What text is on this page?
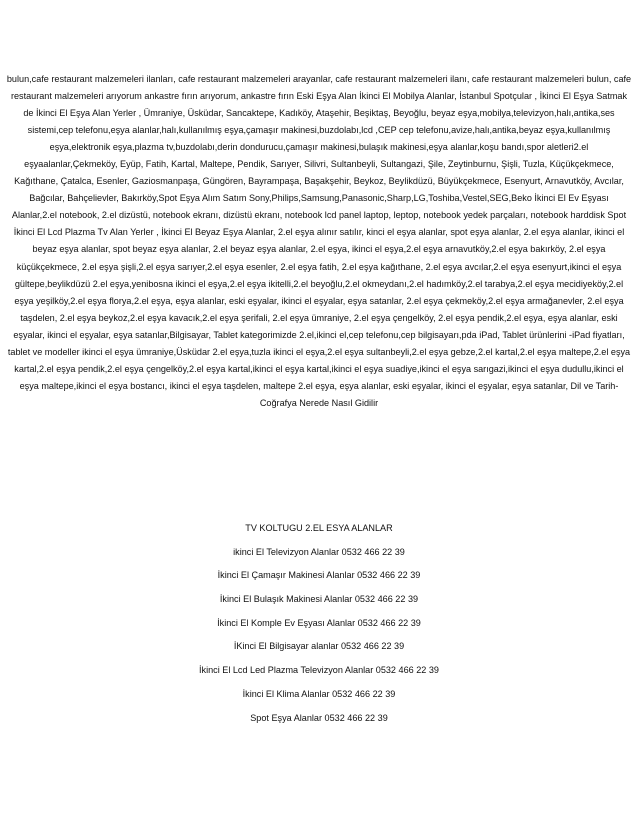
bulun,cafe restaurant malzemeleri ilanları, cafe restaurant malzemeleri arayanlar, cafe restaurant malzemeleri ilanı, cafe restaurant malzemeleri bulun, cafe restaurant malzemeleri arıyorum ankastre fırın arıyorum, ankastre fırın Eski Eşya Alan İkinci El Mobilya Alanlar, İstanbul Spotçular , İkinci El Eşya Satmak de İkinci El Eşya Alan Yerler , Ümraniye, Üsküdar, Sancaktepe, Kadıköy, Ataşehir, Beşiktaş, Beyoğlu, beyaz eşya,mobilya,televizyon,halı,antika,ses sistemi,cep telefonu,eşya alanlar,halı,kullanılmış eşya,çamaşır makinesi,buzdolabı,lcd ,CEP cep telefonu,avize,halı,antika,beyaz eşya,kullanılmış eşya,elektronik eşya,plazma tv,buzdolabı,derin dondurucu,çamaşır makinesi,bulaşık makinesi,eşya alanlar,koşu bandı,spor aletleri2.el eşyaalanlar,Çekmeköy, Eyüp, Fatih, Kartal, Maltepe, Pendik, Sarıyer, Silivri, Sultanbeyli, Sultangazi, Şile, Zeytinburnu, Şişli, Tuzla, Küçükçekmece, Kağıthane, Çatalca, Esenler, Gaziosmanpaşa, Güngören, Bayrampaşa, Başakşehir, Beykoz, Beylikdüzü, Büyükçekmece, Esenyurt, Arnavutköy, Avcılar, Bağcılar, Bahçelievler, Bakırköy,Spot Eşya Alım Satım Sony,Philips,Samsung,Panasonic,Sharp,LG,Toshiba,Vestel,SEG,Beko İkinci El Ev Eşyası Alanlar,2.el notebook, 2.el dizüstü, notebook ekranı, dizüstü ekranı, notebook lcd panel laptop, leptop, notebook yedek parçaları, notebook harddisk Spot İkinci El Lcd Plazma Tv Alan Yerler , İkinci El Beyaz Eşya Alanlar, 2.el eşya alınır satılır, kinci el eşya alanlar, spot eşya alanlar, 2.el eşya alanlar, ikinci el beyaz eşya alanlar, spot beyaz eşya alanlar, 2.el beyaz eşya alanlar, 2.el eşya, ikinci el eşya,2.el eşya arnavutköy,2.el eşya bakırköy, 2.el eşya küçükçekmece, 2.el eşya şişli,2.el eşya sarıyer,2.el eşya esenler, 2.el eşya fatih, 2.el eşya kağıthane, 2.el eşya avcılar,2.el eşya esenyurt,ikinci el eşya gültepe,beylikdüzü 2.el eşya,yenibosna ikinci el eşya,2.el eşya ikitelli,2.el beyoğlu,2.el okmeydanı,2.el hadımköy,2.el tarabya,2.el eşya mecidiyeköy,2.el eşya yeşilköy,2.el eşya florya,2.el eşya, eşya alanlar, eski eşyalar, ikinci el eşyalar, eşya satanlar, 2.el eşya çekmeköy,2.el eşya armağanevler, 2.el eşya taşdelen, 2.el eşya beykoz,2.el eşya kavacık,2.el eşya şerifali, 2.el eşya ümraniye, 2.el eşya çengelköy, 2.el eşya pendik,2.el eşya, eşya alanlar, eski eşyalar, ikinci el eşyalar, eşya satanlar,Bilgisayar, Tablet kategorimizde 2.el,ikinci el,cep telefonu,cep bilgisayarı,pda iPad, Tablet ürünlerini -iPad fiyatları, tablet ve modeller ikinci el eşya ümraniye,Üsküdar 2.el eşya,tuzla ikinci el eşya,2.el eşya sultanbeyli,2.el eşya gebze,2.el kartal,2.el eşya maltepe,2.el eşya kartal,2.el eşya pendik,2.el eşya çengelköy,2.el eşya kartal,ikinci el eşya kartal,ikinci el eşya suadiye,ikinci el eşya sarıgazi,ikinci el eşya dudullu,ikinci el eşya maltepe,ikinci el eşya bostancı, ikinci el eşya taşdelen, maltepe 2.el eşya, eşya alanlar, eski eşyalar, ikinci el eşyalar, eşya satanlar, Dil ve Tarih-Coğrafya Nerede Nasıl Gidilir

TV KOLTUGU 2.EL ESYA ALANLAR
ikinci El Televizyon Alanlar 0532 466 22 39
İkinci El Çamaşır Makinesi Alanlar 0532 466 22 39
İkinci El Bulaşık Makinesi Alanlar 0532 466 22 39
İkinci El Komple Ev Eşyası Alanlar 0532 466 22 39
İKinci El Bilgisayar alanlar 0532 466 22 39
İkinci El Lcd Led Plazma Televizyon Alanlar 0532 466 22 39
İkinci El Klima Alanlar 0532 466 22 39
Spot Eşya Alanlar 0532 466 22 39
